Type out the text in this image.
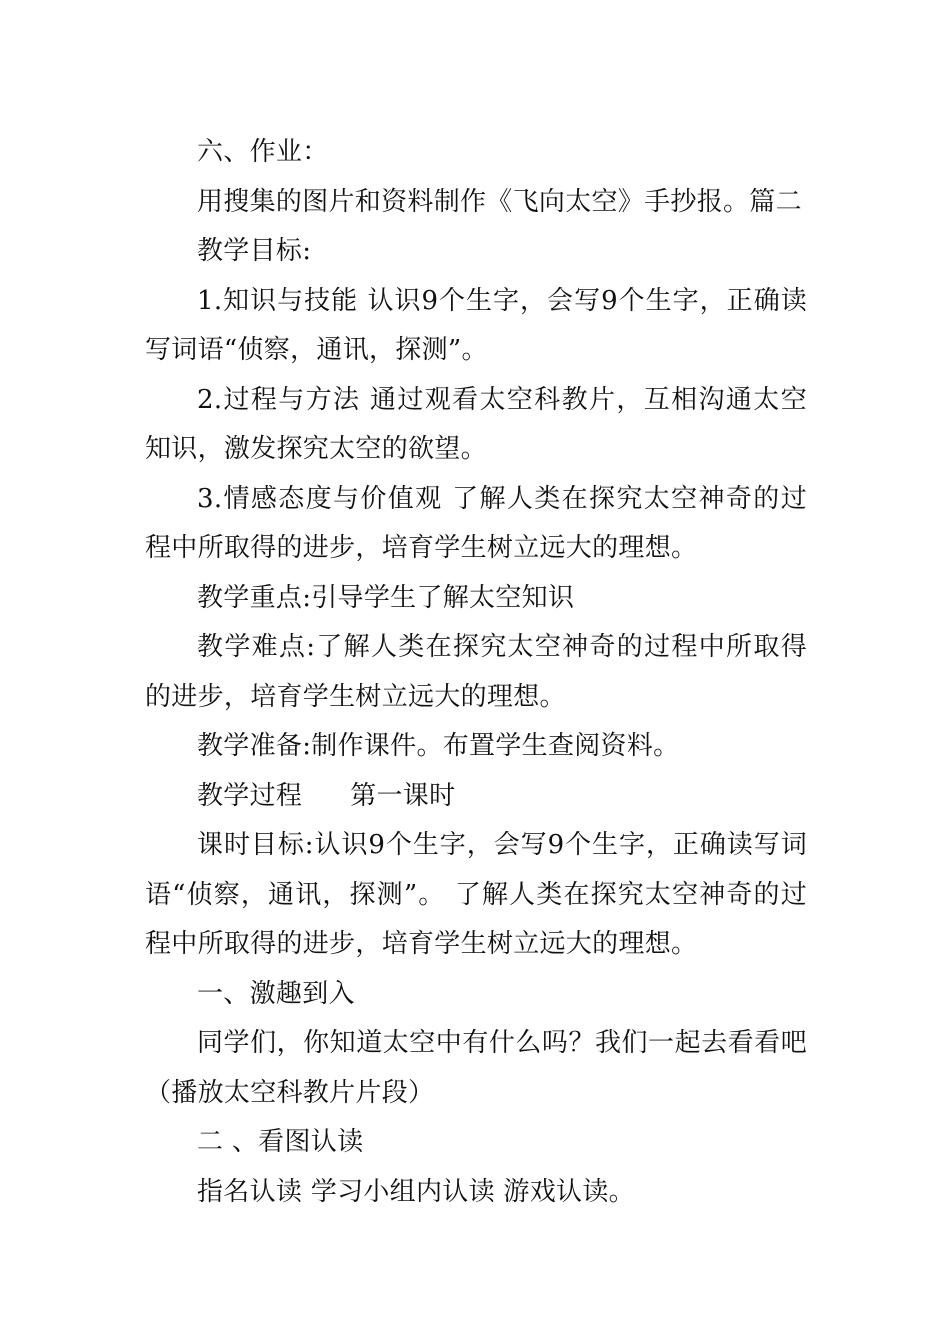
六、作业：

用搜集的图片和资料制作《飞向太空》手抄报。篇二

教学目标:

1.知识与技能 认识9个生字，会写9个生字，正确读写词语“侦察，通讯，探测”。

2.过程与方法 通过观看太空科教片，互相沟通太空知识，激发探究太空的欲望。

3.情感态度与价值观 了解人类在探究太空神奇的过程中所取得的进步，培育学生树立远大的理想。

教学重点:引导学生了解太空知识

教学难点:了解人类在探究太空神奇的过程中所取得的进步，培育学生树立远大的理想。

教学准备:制作课件。布置学生查阅资料。

教学过程 第一课时

课时目标:认识9个生字，会写9个生字，正确读写词语“侦察，通讯，探测”。 了解人类在探究太空神奇的过程中所取得的进步，培育学生树立远大的理想。

一、激趣到入

同学们，你知道太空中有什么吗？我们一起去看看吧（播放太空科教片片段）

二 、看图认读

指名认读 学习小组内认读 游戏认读。
